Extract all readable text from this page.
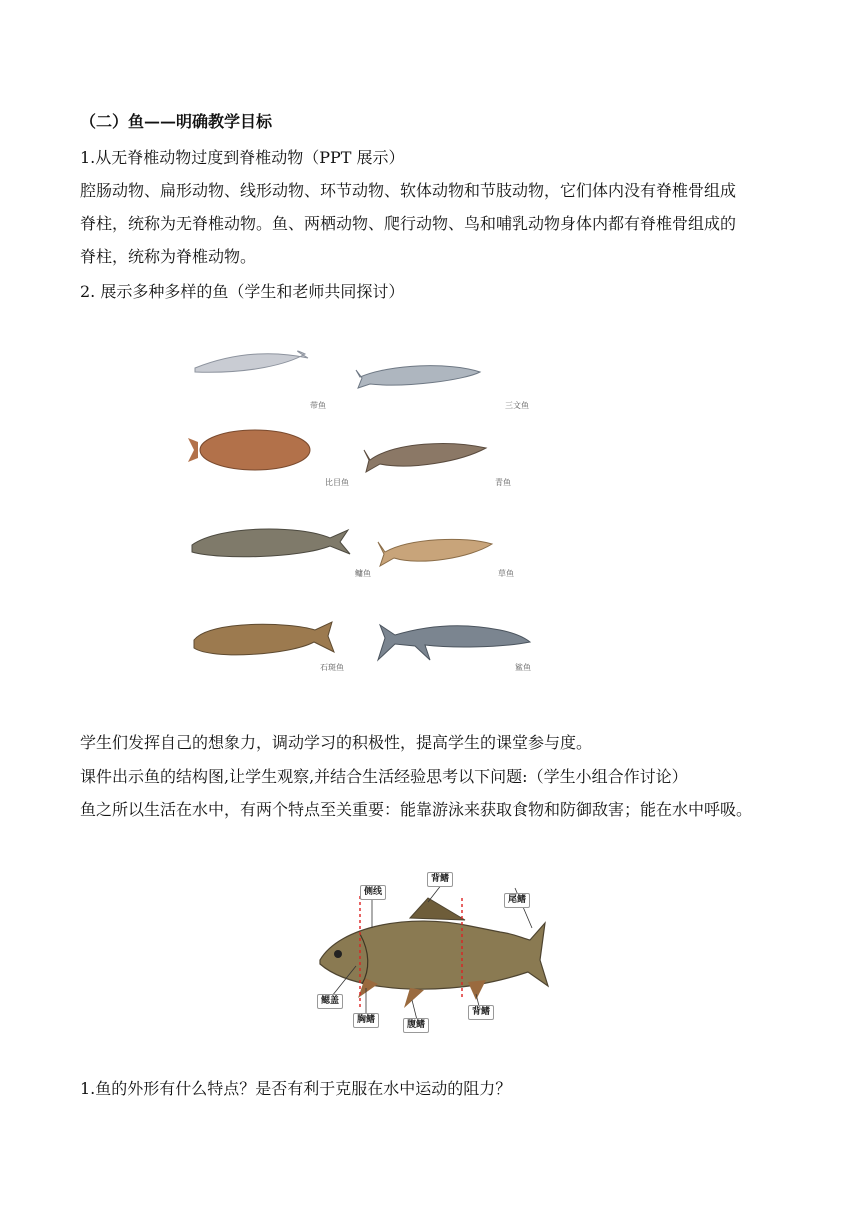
（二）鱼——明确教学目标
1.从无脊椎动物过度到脊椎动物（PPT 展示）
腔肠动物、扁形动物、线形动物、环节动物、软体动物和节肢动物，它们体内没有脊椎骨组成
脊柱，统称为无脊椎动物。鱼、两栖动物、爬行动物、鸟和哺乳动物身体内都有脊椎骨组成的
脊柱，统称为脊椎动物。
2. 展示多种多样的鱼（学生和老师共同探讨）
带鱼	三文鱼
比目鱼	青鱼
鳙鱼	草鱼
石斑鱼	鲨鱼
学生们发挥自己的想象力，调动学习的积极性，提高学生的课堂参与度。
课件出示鱼的结构图,让学生观察,并结合生活经验思考以下问题:（学生小组合作讨论）
鱼之所以生活在水中，有两个特点至关重要：能靠游泳来获取食物和防御敌害；能在水中呼吸。
侧线
背鳍
尾鳍
鳃盖
胸鳍	腹鳍
背鳍
1.鱼的外形有什么特点？是否有利于克服在水中运动的阻力？
